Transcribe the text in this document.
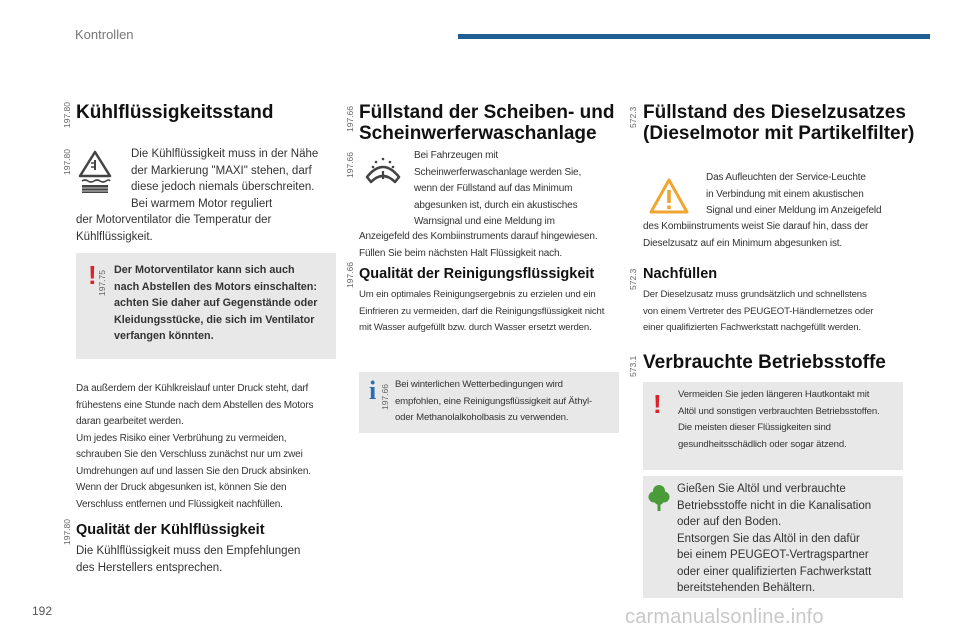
Kontrollen
197.80 Kühlflüssigkeitsstand
197.80	Die Kühlflüssigkeit muss in der Nähe

der Markierung "MAXI" stehen, darf

diese jedoch niemals überschreiten.

Bei warmem Motor reguliert

der Motorventilator die Temperatur der

Kühlflüssigkeit.

! 197.75 Der Motorventilator kann sich auch

nach Abstellen des Motors einschalten:

achten Sie daher auf Gegenstände oder

Kleidungsstücke, die sich im Ventilator

verfangen könnten.

Da außerdem der Kühlkreislauf unter Druck steht, darf

frühestens eine Stunde nach dem Abstellen des Motors

daran gearbeitet werden.

Um jedes Risiko einer Verbrühung zu vermeiden,

schrauben Sie den Verschluss zunächst nur um zwei

Umdrehungen auf und lassen Sie den Druck absinken.

Wenn der Druck abgesunken ist, können Sie den

Verschluss entfernen und Flüssigkeit nachfüllen.

197.80 Qualität der Kühlflüssigkeit

Die Kühlflüssigkeit muss den Empfehlungen

des Herstellers entsprechen.

197.66 Füllstand der Scheiben- und
Scheinwerferwaschanlage
197.66	Bei Fahrzeugen mit

Scheinwerferwaschanlage werden Sie,

wenn der Füllstand auf das Minimum

abgesunken ist, durch ein akustisches

Warnsignal und eine Meldung im

Anzeigefeld des Kombiinstruments darauf hingewiesen.

Füllen Sie beim nächsten Halt Flüssigkeit nach.

197.66 Qualität der Reinigungsflüssigkeit

Um ein optimales Reinigungsergebnis zu erzielen und ein

Einfrieren zu vermeiden, darf die Reinigungsflüssigkeit nicht

mit Wasser aufgefüllt bzw. durch Wasser ersetzt werden.

i 197.66 Bei winterlichen Wetterbedingungen wird

empfohlen, eine Reinigungsflüssigkeit auf Äthyl-

oder Methanolalkoholbasis zu verwenden.

572.3 Füllstand des Dieselzusatzes
(Dieselmotor mit Partikelfilter)

Das Aufleuchten der Service-Leuchte

in Verbindung mit einem akustischen

Signal und einer Meldung im Anzeigefeld

des Kombiinstruments weist Sie darauf hin, dass der

Dieselzusatz auf ein Minimum abgesunken ist.

572.3 Nachfüllen

Der Dieselzusatz muss grundsätzlich und schnellstens

von einem Vertreter des PEUGEOT-Händlernetzes oder

einer qualifizierten Fachwerkstatt nachgefüllt werden.

573.1 Verbrauchte Betriebsstoffe
! Vermeiden Sie jeden längeren Hautkontakt mit

Altöl und sonstigen verbrauchten Betriebsstoffen.

Die meisten dieser Flüssigkeiten sind

gesundheitsschädlich oder sogar ätzend.

Gießen Sie Altöl und verbrauchte

Betriebsstoffe nicht in die Kanalisation

oder auf den Boden.

Entsorgen Sie das Altöl in den dafür

bei einem PEUGEOT-Vertragspartner

oder einer qualifizierten Fachwerkstatt

bereitstehenden Behältern.

192	carmanualsonline.info
